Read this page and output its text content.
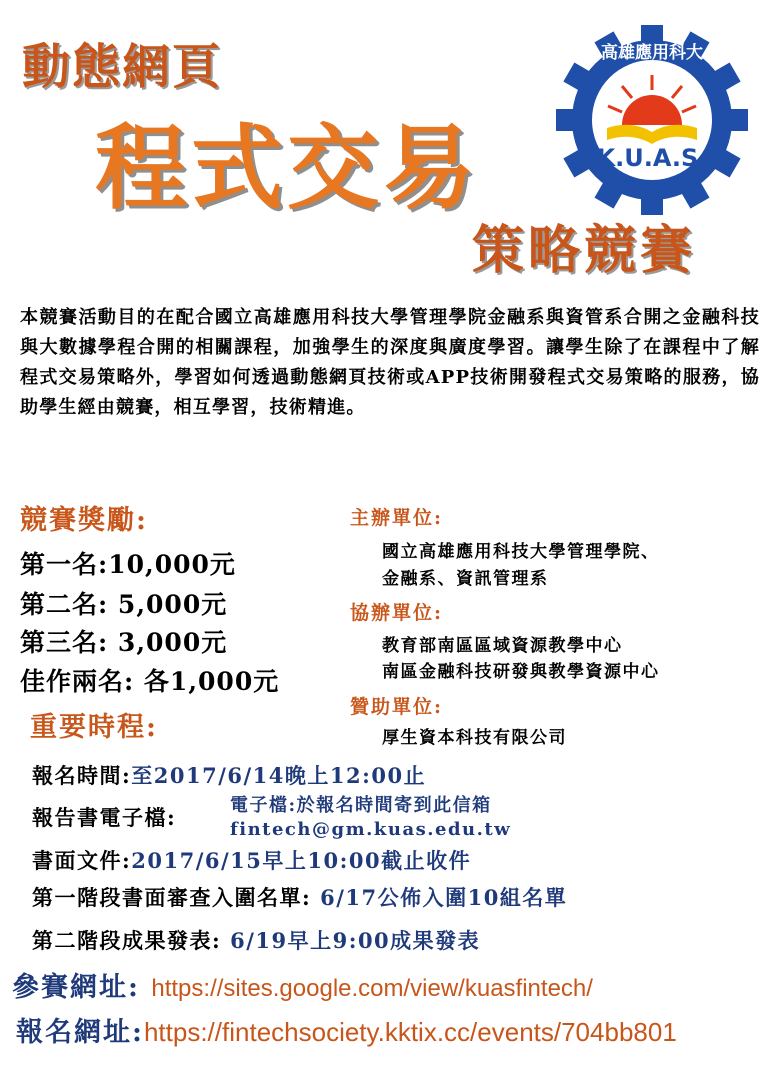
動態網頁
程式交易
策略競賽
K.U.A.S.
高雄應用科大
本競賽活動目的在配合國立高雄應用科技大學管理學院金融系與資管系合開之金融科技與大數據學程合開的相關課程，加強學生的深度與廣度學習。讓學生除了在課程中了解程式交易策略外，學習如何透過動態網頁技術或APP技術開發程式交易策略的服務，協助學生經由競賽，相互學習，技術精進。
競賽獎勵:
第一名:10,000元
第二名: 5,000元
第三名: 3,000元
佳作兩名: 各1,000元
主辦單位:
國立高雄應用科技大學管理學院、
金融系、資訊管理系
協辦單位:
教育部南區區域資源教學中心
南區金融科技研發與教學資源中心
贊助單位:
厚生資本科技有限公司
重要時程:
報名時間:至2017/6/14晚上12:00止
報告書電子檔:	電子檔:於報名時間寄到此信箱
fintech@gm.kuas.edu.tw
書面文件:2017/6/15早上10:00截止收件
第一階段書面審查入圍名單: 6/17公佈入圍10組名單
第二階段成果發表: 6/19早上9:00成果發表
參賽網址: https://sites.google.com/view/kuasfintech/
報名網址:https://fintechsociety.kktix.cc/events/704bb801
